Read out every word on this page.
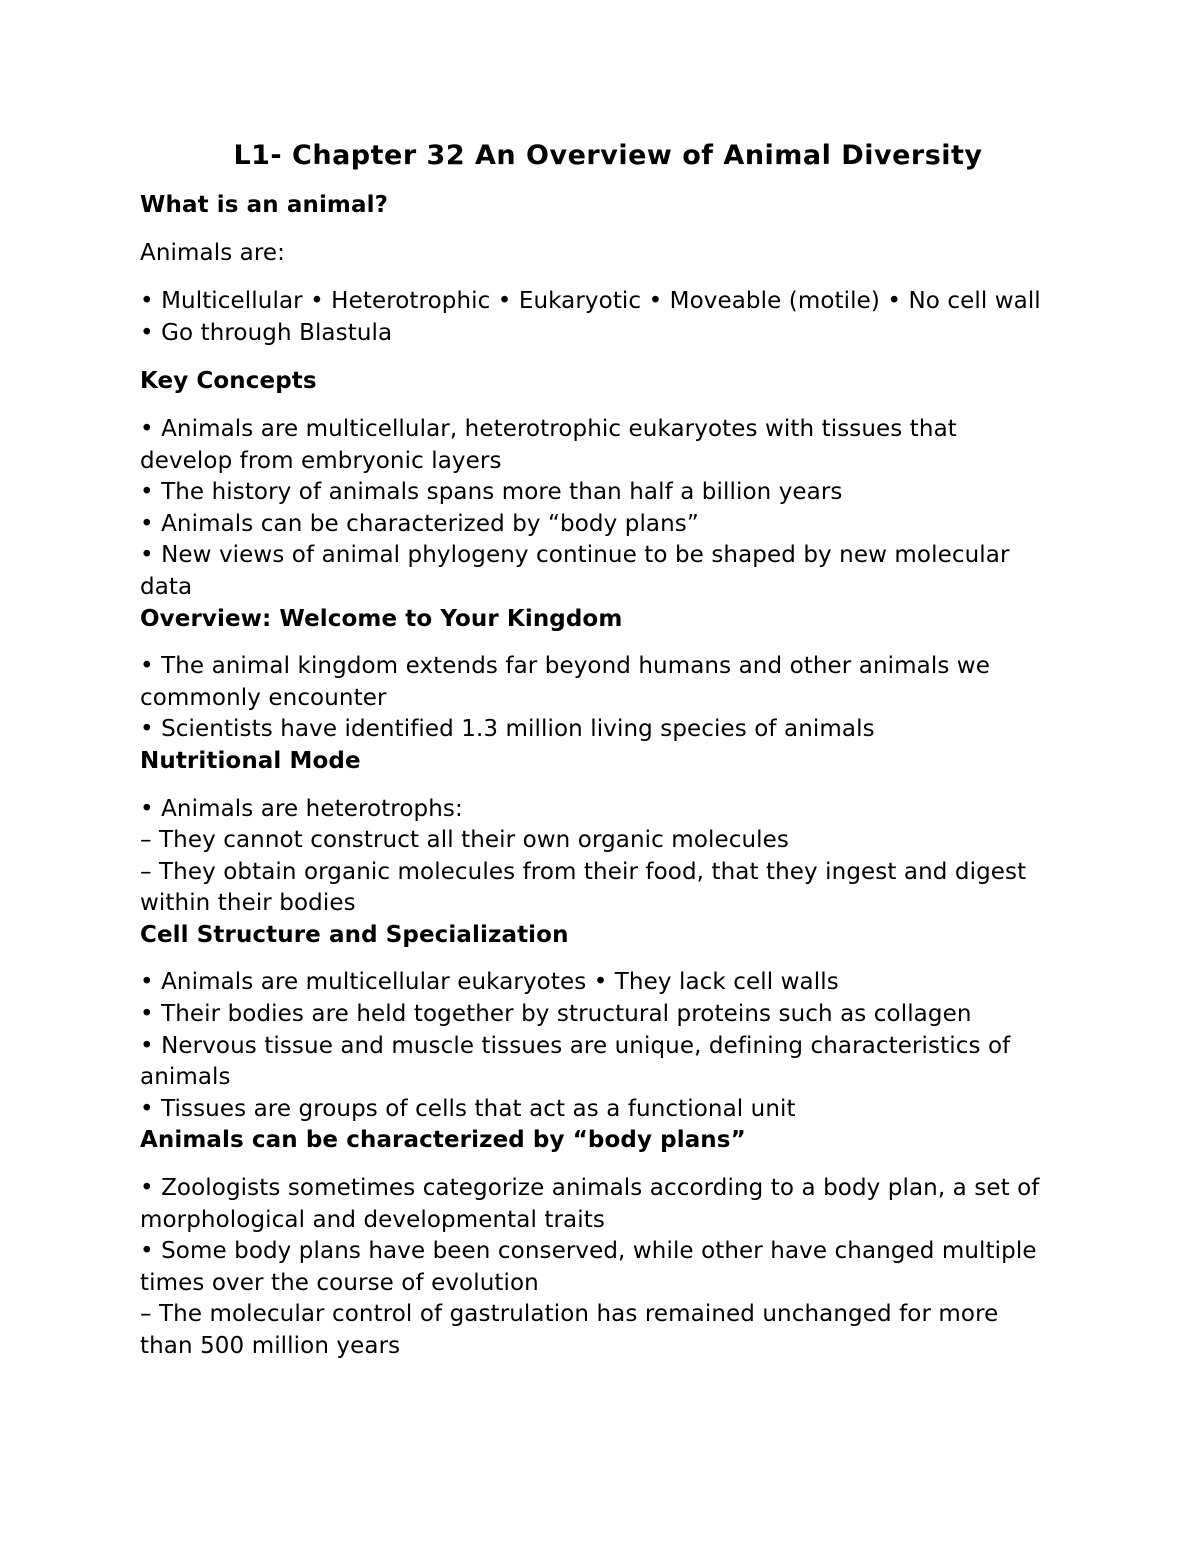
L1- Chapter 32 An Overview of Animal Diversity
What is an animal?
Animals are:
• Multicellular • Heterotrophic • Eukaryotic • Moveable (motile) • No cell wall
• Go through Blastula
Key Concepts
• Animals are multicellular, heterotrophic eukaryotes with tissues that
develop from embryonic layers
• The history of animals spans more than half a billion years
• Animals can be characterized by “body plans”
• New views of animal phylogeny continue to be shaped by new molecular
data
Overview: Welcome to Your Kingdom
• The animal kingdom extends far beyond humans and other animals we
commonly encounter
• Scientists have identified 1.3 million living species of animals
Nutritional Mode
• Animals are heterotrophs:
– They cannot construct all their own organic molecules
– They obtain organic molecules from their food, that they ingest and digest
within their bodies
Cell Structure and Specialization
• Animals are multicellular eukaryotes • They lack cell walls
• Their bodies are held together by structural proteins such as collagen
• Nervous tissue and muscle tissues are unique, defining characteristics of
animals
• Tissues are groups of cells that act as a functional unit
Animals can be characterized by “body plans”
• Zoologists sometimes categorize animals according to a body plan, a set of
morphological and developmental traits
• Some body plans have been conserved, while other have changed multiple
times over the course of evolution
– The molecular control of gastrulation has remained unchanged for more
than 500 million years
